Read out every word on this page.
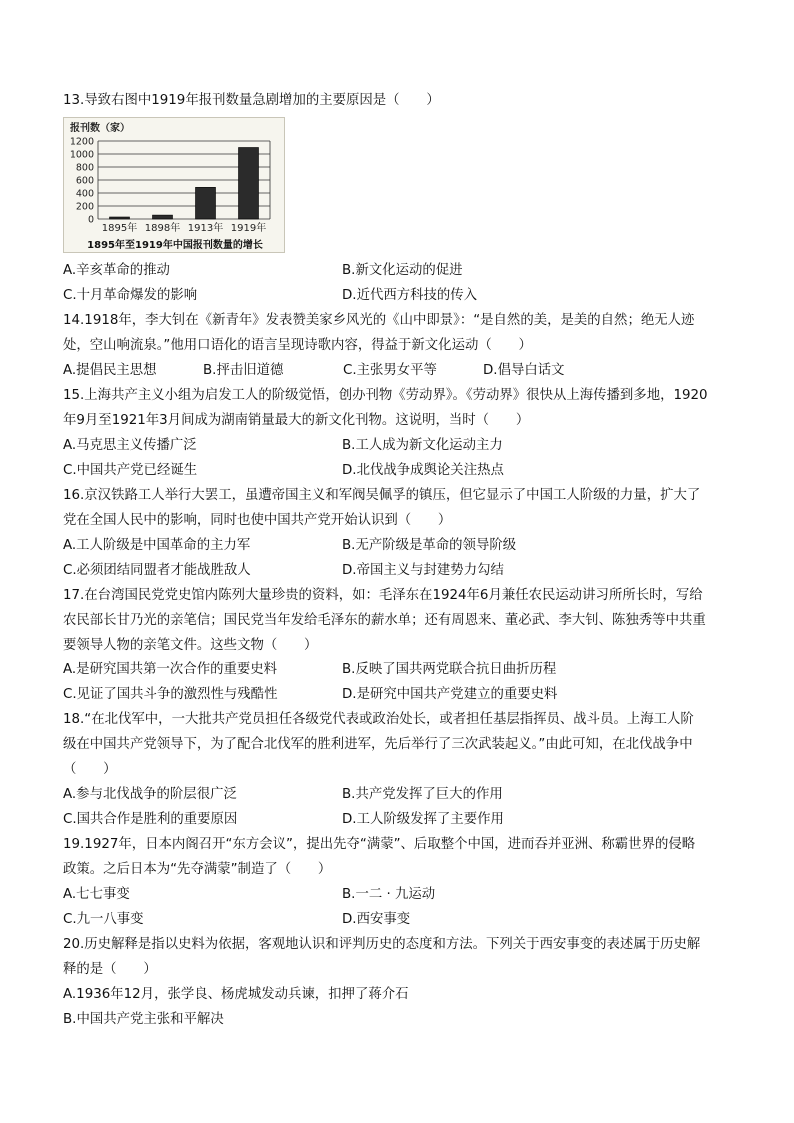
13.导致右图中1919年报刊数量急剧增加的主要原因是（　　）
报刊数（家）
0
200
400
600
800
1000
1200
1895年 1898年 1913年 1919年
1895年至1919年中国报刊数量的增长
A.辛亥革命的推动	B.新文化运动的促进
C.十月革命爆发的影响	D.近代西方科技的传入
14.1918年，李大钊在《新青年》发表赞美家乡风光的《山中即景》：“是自然的美，是美的自然；绝无人迹
处，空山响流泉。”他用口语化的语言呈现诗歌内容，得益于新文化运动（　　）
A.提倡民主思想	B.抨击旧道德	C.主张男女平等	D.倡导白话文
15.上海共产主义小组为启发工人的阶级觉悟，创办刊物《劳动界》。《劳动界》很快从上海传播到多地，1920
年9月至1921年3月间成为湖南销量最大的新文化刊物。这说明，当时（　　）
A.马克思主义传播广泛	B.工人成为新文化运动主力
C.中国共产党已经诞生	D.北伐战争成舆论关注热点
16.京汉铁路工人举行大罢工，虽遭帝国主义和军阀吴佩孚的镇压，但它显示了中国工人阶级的力量，扩大了
党在全国人民中的影响，同时也使中国共产党开始认识到（　　）
A.工人阶级是中国革命的主力军	B.无产阶级是革命的领导阶级
C.必须团结同盟者才能战胜敌人	D.帝国主义与封建势力勾结
17.在台湾国民党党史馆内陈列大量珍贵的资料，如：毛泽东在1924年6月兼任农民运动讲习所所长时，写给
农民部长甘乃光的亲笔信；国民党当年发给毛泽东的薪水单；还有周恩来、董必武、李大钊、陈独秀等中共重
要领导人物的亲笔文件。这些文物（　　）
A.是研究国共第一次合作的重要史料	B.反映了国共两党联合抗日曲折历程
C.见证了国共斗争的激烈性与残酷性	D.是研究中国共产党建立的重要史料
18.“在北伐军中，一大批共产党员担任各级党代表或政治处长，或者担任基层指挥员、战斗员。上海工人阶
级在中国共产党领导下，为了配合北伐军的胜利进军，先后举行了三次武装起义。”由此可知，在北伐战争中
（　　）
A.参与北伐战争的阶层很广泛	B.共产党发挥了巨大的作用
C.国共合作是胜利的重要原因	D.工人阶级发挥了主要作用
19.1927年，日本内阁召开“东方会议”，提出先夺“满蒙”、后取整个中国，进而吞并亚洲、称霸世界的侵略
政策。之后日本为“先夺满蒙”制造了（　　）
A.七七事变	B.一二 · 九运动
C.九一八事变	D.西安事变
20.历史解释是指以史料为依据，客观地认识和评判历史的态度和方法。下列关于西安事变的表述属于历史解
释的是（　　）
A.1936年12月，张学良、杨虎城发动兵谏，扣押了蒋介石
B.中国共产党主张和平解决
